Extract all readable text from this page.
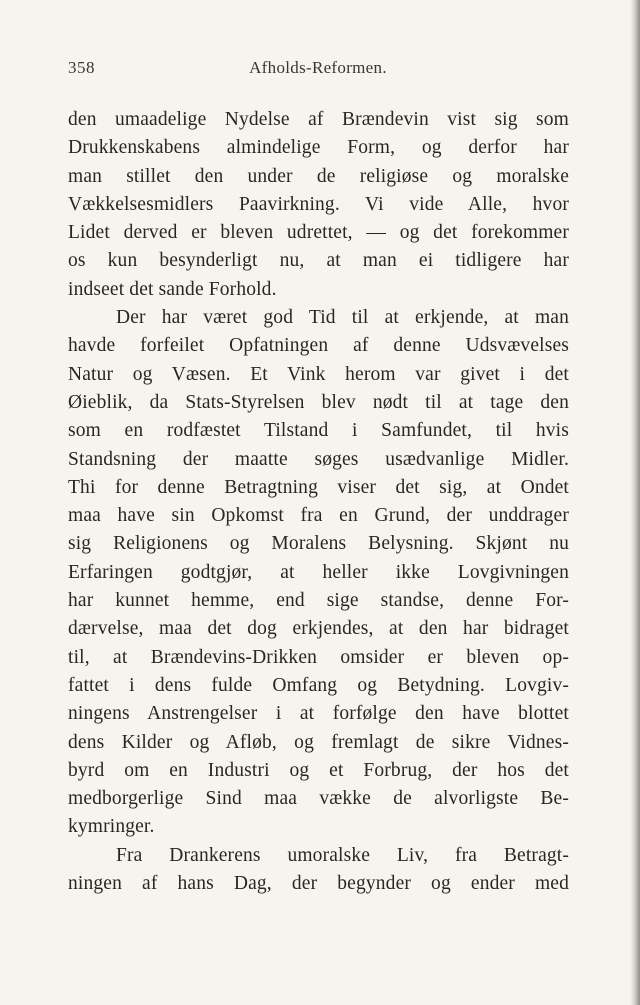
358	Afholds-Reformen.
den umaadelige Nydelse af Brændevin vist sig som
Drukkenskabens almindelige Form, og derfor har
man stillet den under de religiøse og moralske
Vækkelsesmidlers Paavirkning. Vi vide Alle, hvor
Lidet derved er bleven udrettet, — og det forekommer
os kun besynderligt nu, at man ei tidligere har
indseet det sande Forhold.
Der har været god Tid til at erkjende, at man
havde forfeilet Opfatningen af denne Udsvævelses
Natur og Væsen. Et Vink herom var givet i det
Øieblik, da Stats-Styrelsen blev nødt til at tage den
som en rodfæstet Tilstand i Samfundet, til hvis
Standsning der maatte søges usædvanlige Midler.
Thi for denne Betragtning viser det sig, at Ondet
maa have sin Opkomst fra en Grund, der unddrager
sig Religionens og Moralens Belysning. Skjønt nu
Erfaringen godtgjør, at heller ikke Lovgivningen
har kunnet hemme, end sige standse, denne For-
dærvelse, maa det dog erkjendes, at den har bidraget
til, at Brændevins-Drikken omsider er bleven op-
fattet i dens fulde Omfang og Betydning. Lovgiv-
ningens Anstrengelser i at forfølge den have blottet
dens Kilder og Afløb, og fremlagt de sikre Vidnes-
byrd om en Industri og et Forbrug, der hos det
medborgerlige Sind maa vække de alvorligste Be-
kymringer.
Fra Drankerens umoralske Liv, fra Betragt-
ningen af hans Dag, der begynder og ender med
